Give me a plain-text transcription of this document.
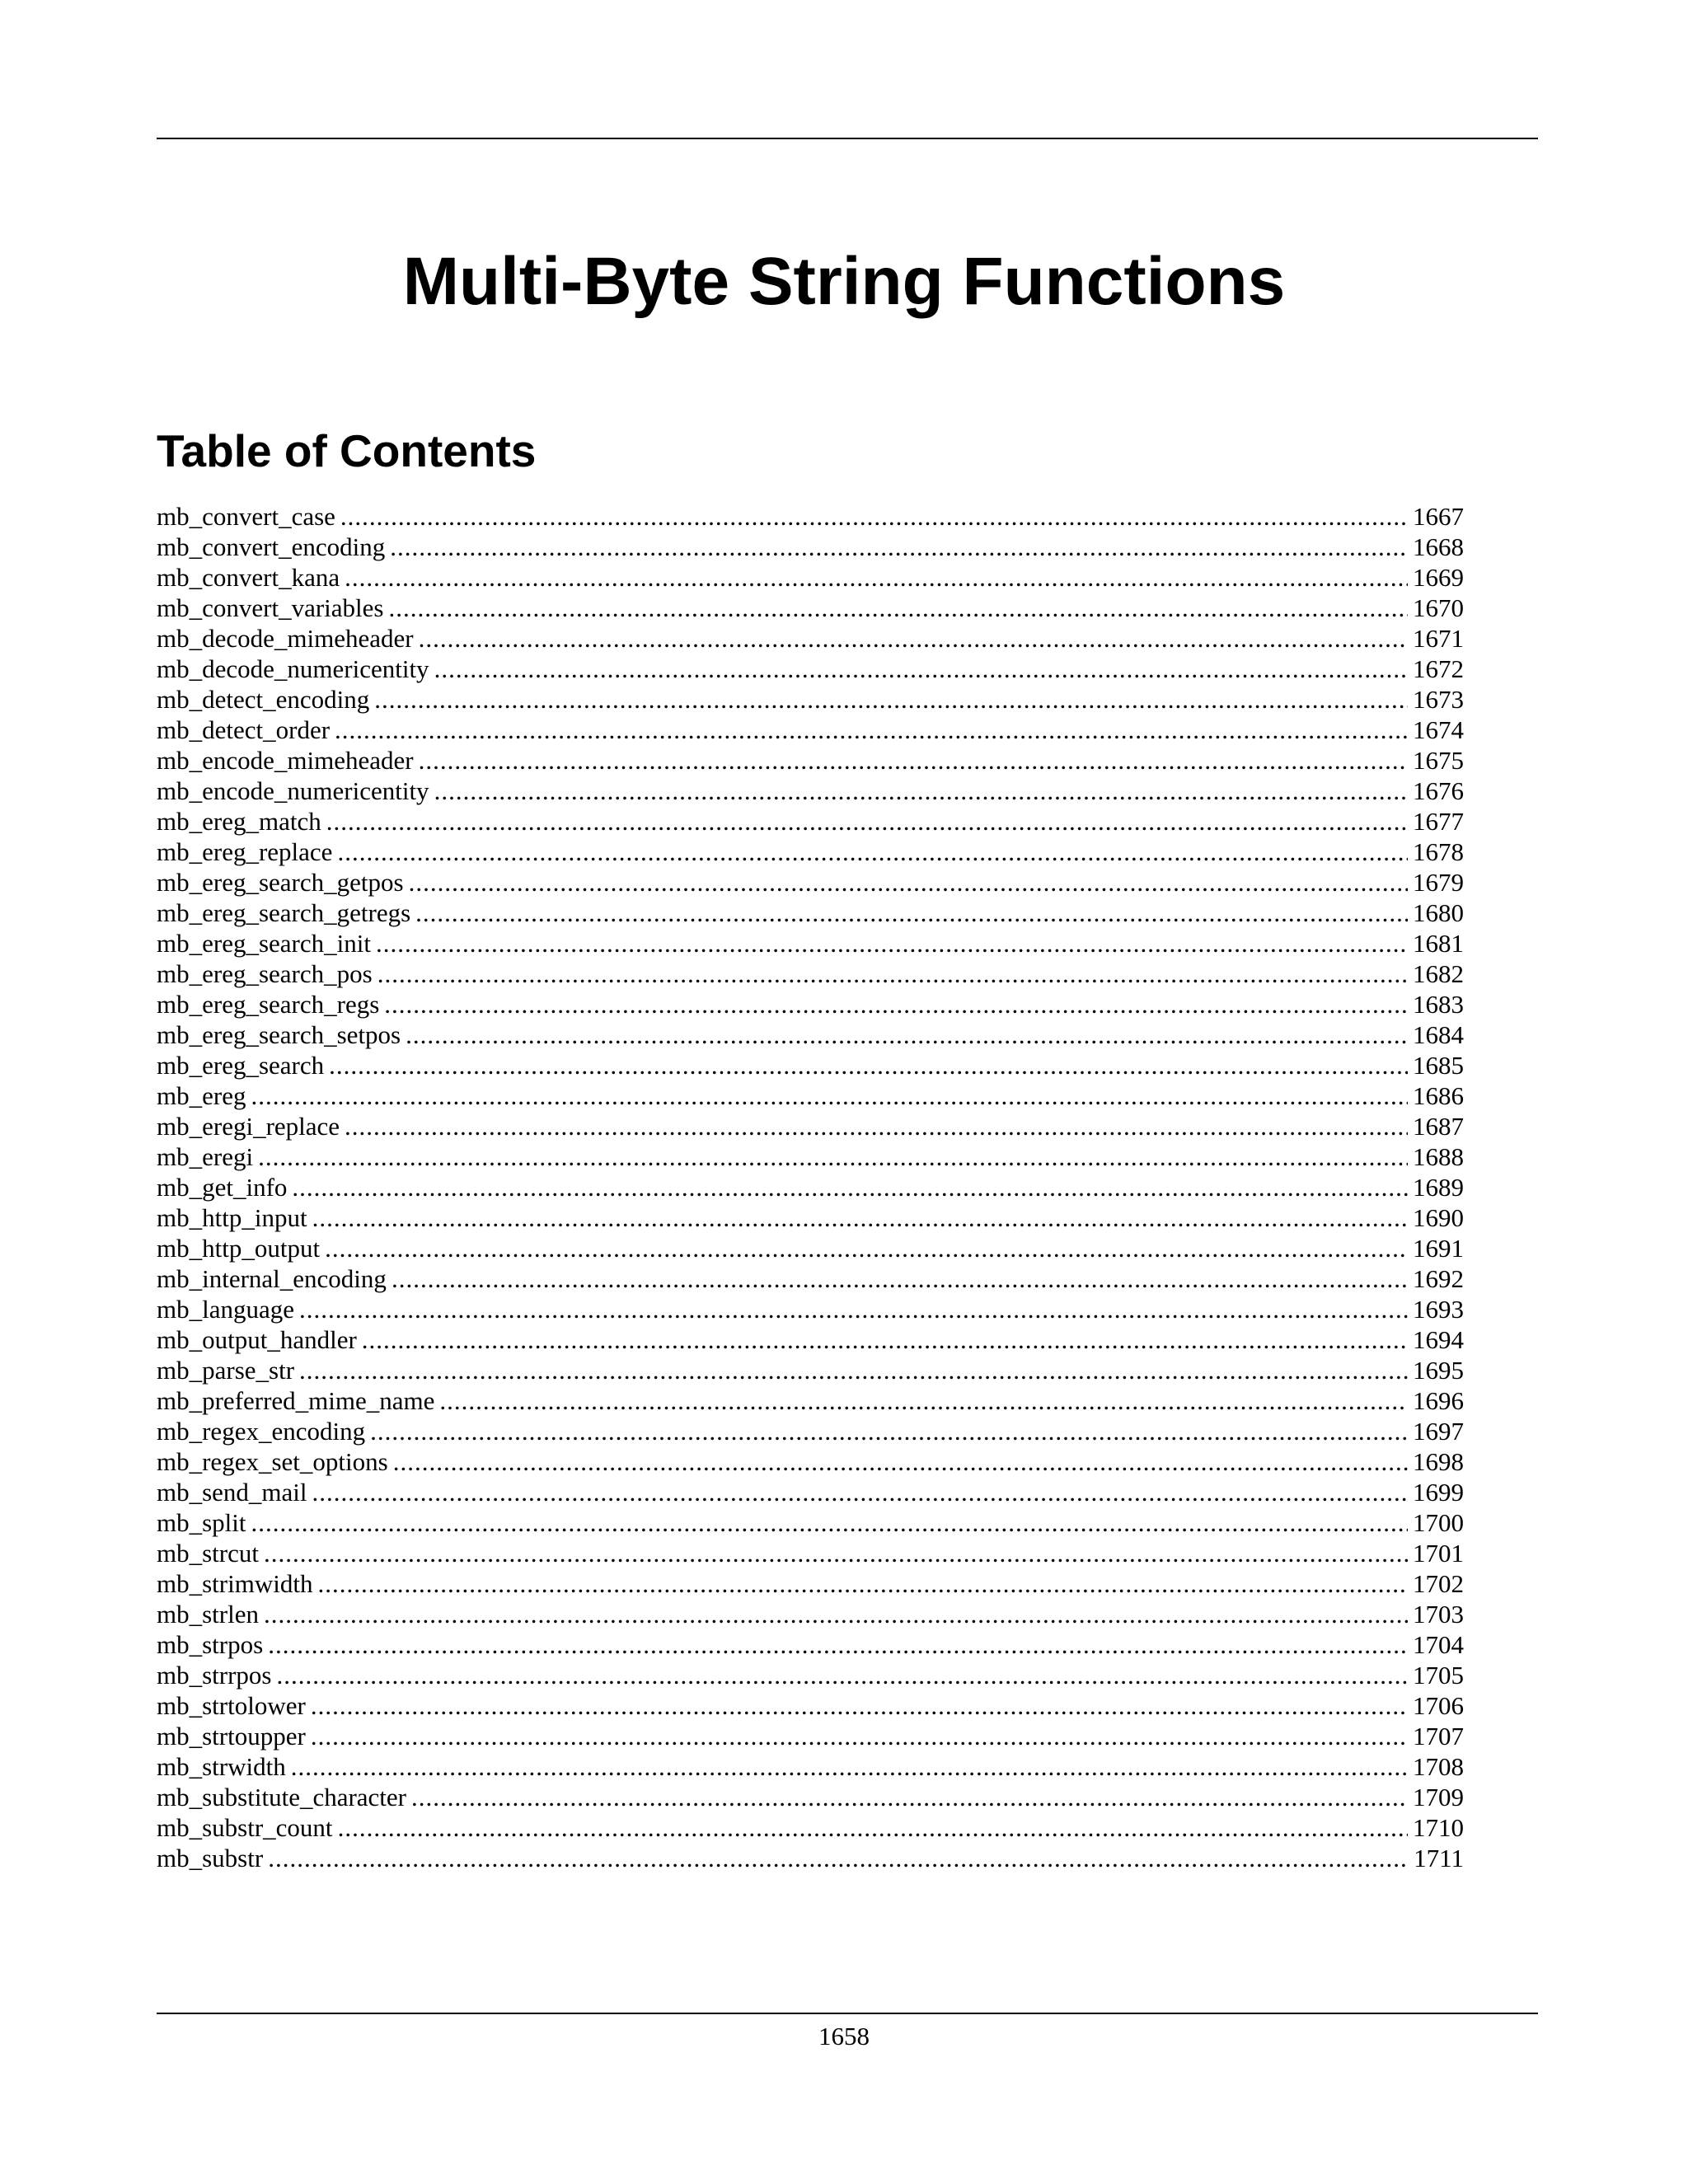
Multi-Byte String Functions
Table of Contents
mb_convert_case .....	1667
mb_convert_encoding .....	1668
mb_convert_kana .....	1669
mb_convert_variables .....	1670
mb_decode_mimeheader .....	1671
mb_decode_numericentity .....	1672
mb_detect_encoding .....	1673
mb_detect_order .....	1674
mb_encode_mimeheader .....	1675
mb_encode_numericentity .....	1676
mb_ereg_match .....	1677
mb_ereg_replace .....	1678
mb_ereg_search_getpos .....	1679
mb_ereg_search_getregs .....	1680
mb_ereg_search_init .....	1681
mb_ereg_search_pos .....	1682
mb_ereg_search_regs .....	1683
mb_ereg_search_setpos .....	1684
mb_ereg_search .....	1685
mb_ereg .....	1686
mb_eregi_replace .....	1687
mb_eregi .....	1688
mb_get_info .....	1689
mb_http_input .....	1690
mb_http_output .....	1691
mb_internal_encoding .....	1692
mb_language .....	1693
mb_output_handler .....	1694
mb_parse_str .....	1695
mb_preferred_mime_name .....	1696
mb_regex_encoding .....	1697
mb_regex_set_options .....	1698
mb_send_mail .....	1699
mb_split .....	1700
mb_strcut .....	1701
mb_strimwidth .....	1702
mb_strlen .....	1703
mb_strpos .....	1704
mb_strrpos .....	1705
mb_strtolower .....	1706
mb_strtoupper .....	1707
mb_strwidth .....	1708
mb_substitute_character .....	1709
mb_substr_count .....	1710
mb_substr .....	1711
1658
